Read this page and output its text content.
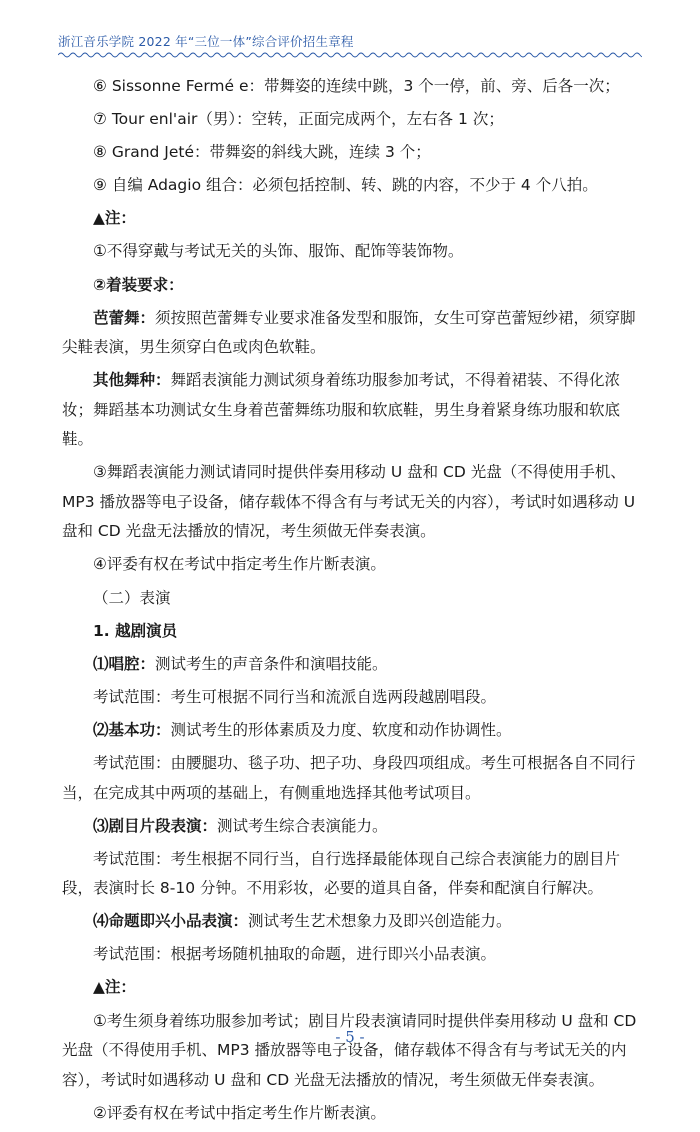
浙江音乐学院 2022 年“三位一体”综合评价招生章程

⑥ Sissonne Fermé e：带舞姿的连续中跳，3 个一停，前、旁、后各一次；

⑦ Tour enl'air（男）：空转，正面完成两个，左右各 1 次；

⑧ Grand Jeté：带舞姿的斜线大跳，连续 3 个；

⑨ 自编 Adagio 组合：必须包括控制、转、跳的内容，不少于 4 个八拍。

▲注：

①不得穿戴与考试无关的头饰、服饰、配饰等装饰物。

②着装要求：

芭蕾舞：须按照芭蕾舞专业要求准备发型和服饰，女生可穿芭蕾短纱裙，须穿脚尖鞋表演，男生须穿白色或肉色软鞋。

其他舞种：舞蹈表演能力测试须身着练功服参加考试，不得着裙装、不得化浓妆；舞蹈基本功测试女生身着芭蕾舞练功服和软底鞋，男生身着紧身练功服和软底鞋。

③舞蹈表演能力测试请同时提供伴奏用移动 U 盘和 CD 光盘（不得使用手机、MP3 播放器等电子设备，储存载体不得含有与考试无关的内容），考试时如遇移动 U 盘和 CD 光盘无法播放的情况，考生须做无伴奏表演。

④评委有权在考试中指定考生作片断表演。

（二）表演

1. 越剧演员

⑴唱腔：测试考生的声音条件和演唱技能。

考试范围：考生可根据不同行当和流派自选两段越剧唱段。

⑵基本功：测试考生的形体素质及力度、软度和动作协调性。

考试范围：由腰腿功、毯子功、把子功、身段四项组成。考生可根据各自不同行当，在完成其中两项的基础上，有侧重地选择其他考试项目。

⑶剧目片段表演：测试考生综合表演能力。

考试范围：考生根据不同行当，自行选择最能体现自己综合表演能力的剧目片段，表演时长 8-10 分钟。不用彩妆，必要的道具自备，伴奏和配演自行解决。

⑷命题即兴小品表演：测试考生艺术想象力及即兴创造能力。

考试范围：根据考场随机抽取的命题，进行即兴小品表演。

▲注：

①考生须身着练功服参加考试；剧目片段表演请同时提供伴奏用移动 U 盘和 CD 光盘（不得使用手机、MP3 播放器等电子设备，储存载体不得含有与考试无关的内容），考试时如遇移动 U 盘和 CD 光盘无法播放的情况，考生须做无伴奏表演。

②评委有权在考试中指定考生作片断表演。

- 5 -
